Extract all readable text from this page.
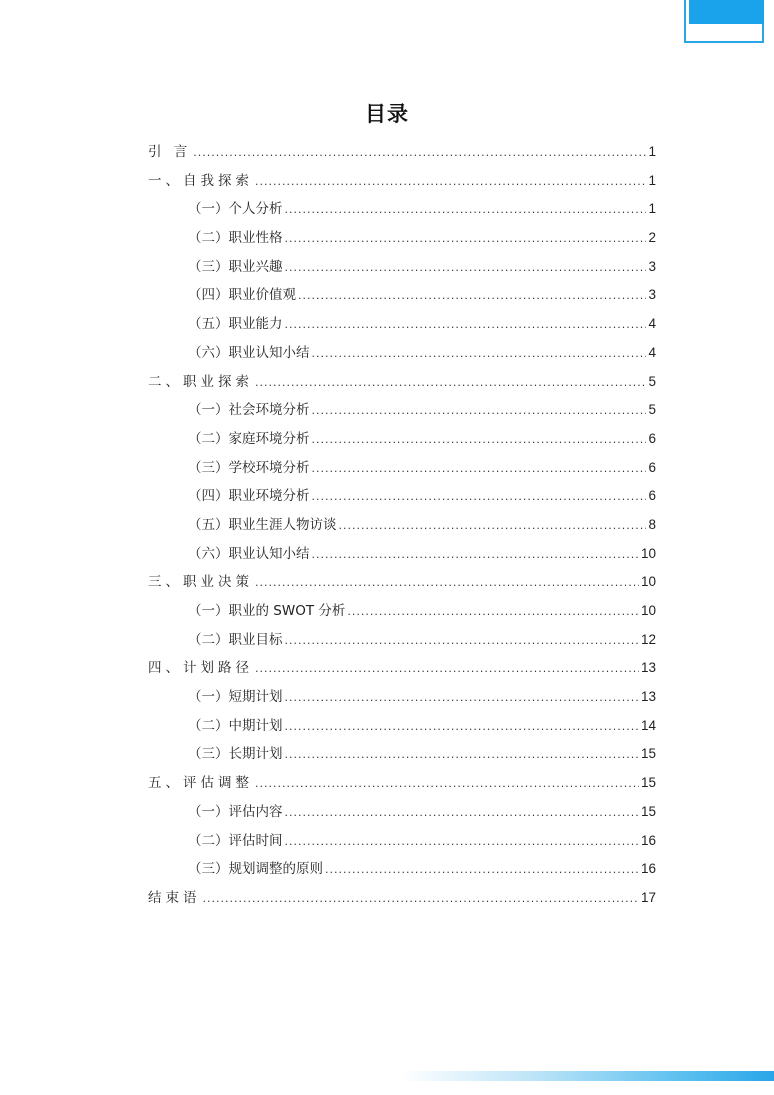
目录
引 言 .....	1
一、自我探索 .....	1
（一）个人分析 .....	1
（二）职业性格 .....	2
（三）职业兴趣 .....	3
（四）职业价值观 .....	3
（五）职业能力 .....	4
（六）职业认知小结 .....	4
二、职业探索 .....	5
（一）社会环境分析 .....	5
（二）家庭环境分析 .....	6
（三）学校环境分析 .....	6
（四）职业环境分析 .....	6
（五）职业生涯人物访谈 .....	8
（六）职业认知小结 .....	10
三、职业决策 .....	10
（一）职业的 SWOT 分析 .....	10
（二）职业目标 .....	12
四、计划路径 .....	13
（一）短期计划 .....	13
（二）中期计划 .....	14
（三）长期计划 .....	15
五、评估调整 .....	15
（一）评估内容 .....	15
（二）评估时间 .....	16
（三）规划调整的原则 .....	16
结束语 .....	17
